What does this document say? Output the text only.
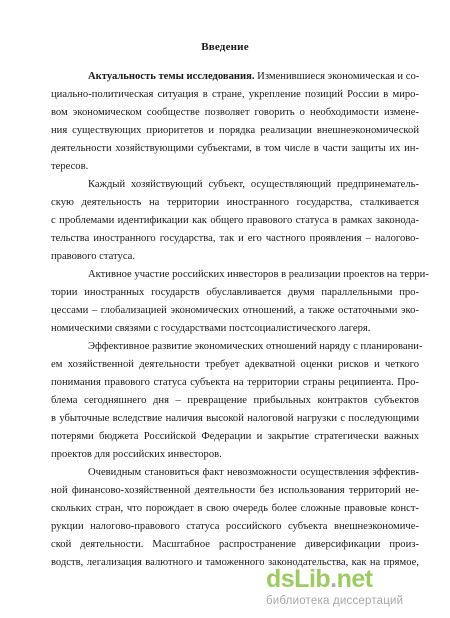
Введение
Актуальность темы исследования. Изменившиеся экономическая и со-
циально-политическая ситуация в стране, укрепление позиций России в миро-
вом экономическом сообществе позволяет говорить о необходимости измене-
ния существующих приоритетов и порядка реализации внешнеэкономической
деятельности хозяйствующими субъектами, в том числе в части защиты их ин-
тересов.
Каждый хозяйствующий субъект, осуществляющий предпринематель-
скую деятельность на территории иностранного государства, сталкивается
с проблемами идентификации как общего правового статуса в рамках законода-
тельства иностранного государства, так и его частного проявления – налогово-
правового статуса.
Активное участие российских инвесторов в реализации проектов на терри-
тории иностранных государств обуславливается двумя параллельными про-
цессами – глобализацией экономических отношений, а также остаточными эко-
номическими связями с государствами постсоциалистического лагеря.
Эффективное развитие экономических отношений наряду с планировани-
ем хозяйственной деятельности требует адекватной оценки рисков и четкого
понимания правового статуса субъекта на территории страны реципиента. Про-
блема сегодняшнего дня – превращение прибыльных контрактов субъектов
в убыточные вследствие наличия высокой налоговой нагрузки с последующими
потерями бюджета Российской Федерации и закрытие стратегически важных
проектов для российских инвесторов.
Очевидным становиться факт невозможности осуществления эффектив-
ной финансово-хозяйственной деятельности без использования территорий не-
скольких стран, что порождает в свою очередь более сложные правовые конст-
рукции налогово-правового статуса российского субъекта внешнеэкономиче-
ской деятельности. Масштабное распространение диверсификации произ-
водств, легализация валютного и таможенного законодательства, как на прямое,
dsLib.net
библиотека диссертаций
